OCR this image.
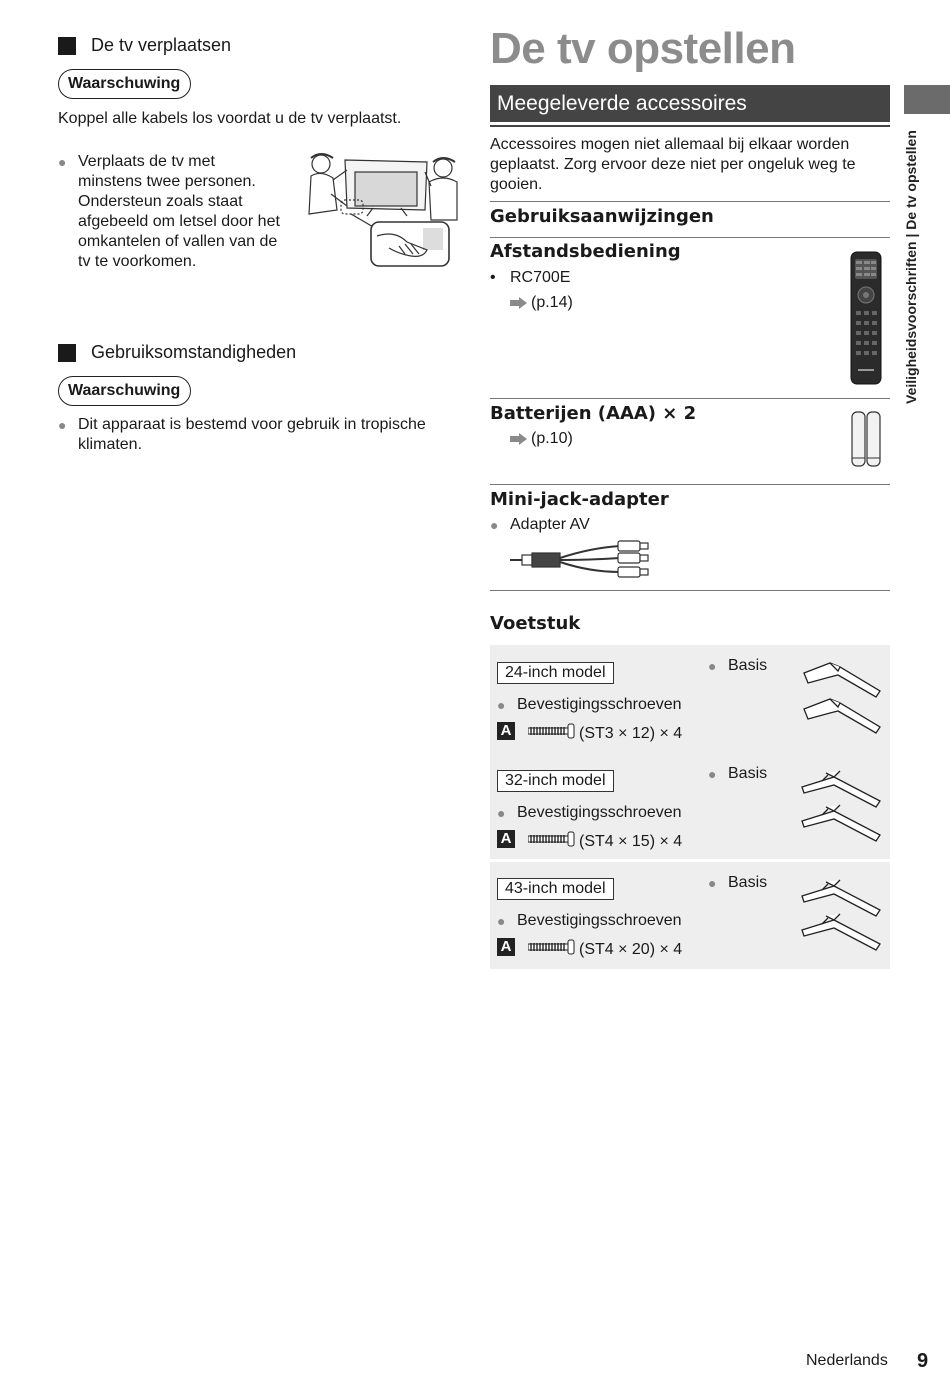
De tv verplaatsen
Waarschuwing
Koppel alle kabels los voordat u de tv verplaatst.
● Verplaats de tv met
minstens twee personen.
Ondersteun zoals staat
afgebeeld om letsel door het
omkantelen of vallen van de
tv te voorkomen.
Gebruiksomstandigheden
Waarschuwing
● Dit apparaat is bestemd voor gebruik in tropische
klimaten.
De tv opstellen
Meegeleverde accessoires
Accessoires mogen niet allemaal bij elkaar worden
geplaatst. Zorg ervoor deze niet per ongeluk weg te
gooien.
Gebruiksaanwijzingen
Afstandsbediening
• RC700E
(p.14)
Batterijen (AAA) × 2
(p.10)
Mini-jack-adapter
● Adapter AV
Voetstuk
24-inch model	● Basis
● Bevestigingsschroeven
A	(ST3 × 12) × 4
32-inch model	● Basis
● Bevestigingsschroeven
A	(ST4 × 15) × 4
43-inch model	● Basis
● Bevestigingsschroeven
A	(ST4 × 20) × 4
Veiligheidsvoorschriften | De tv opstellen
Nederlands 9
